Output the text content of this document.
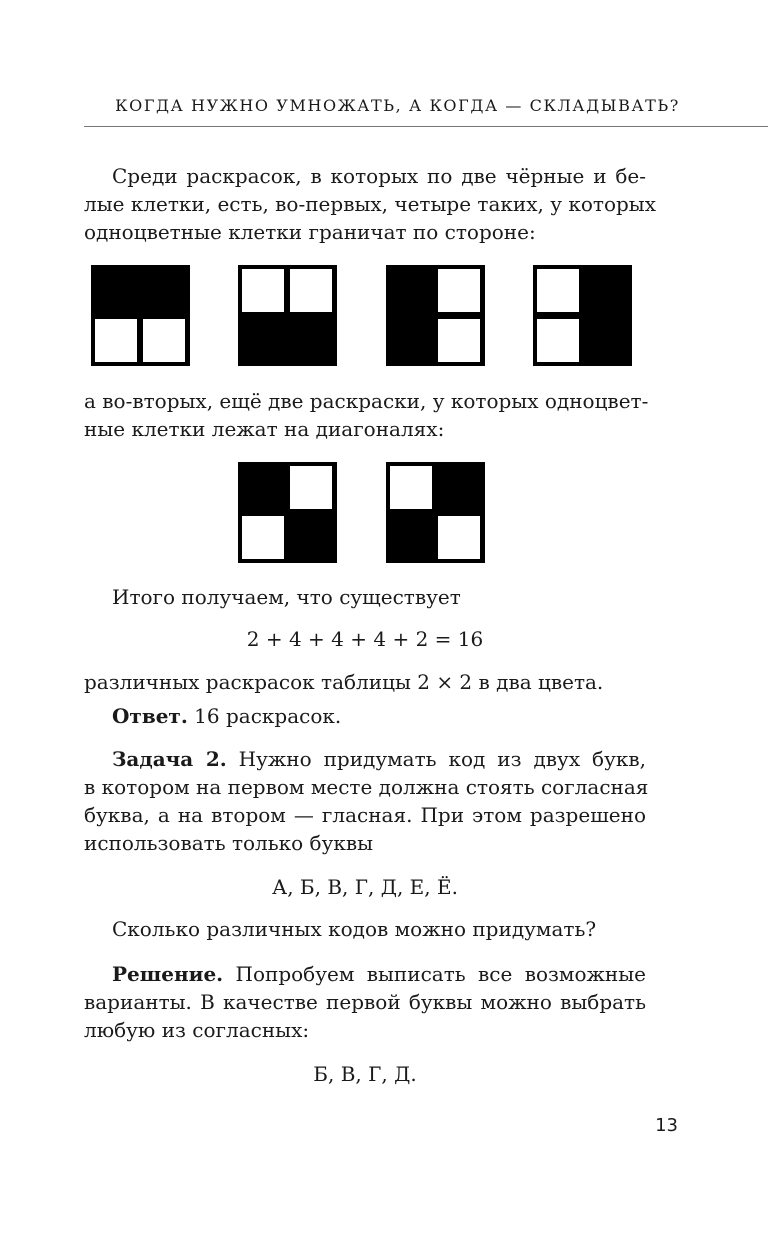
КОГДА НУЖНО УМНОЖАТЬ, А КОГДА — СКЛАДЫВАТЬ?
Среди раскрасок, в которых по две чёрные и бе-
лые клетки, есть, во-первых, четыре таких, у которых
одноцветные клетки граничат по стороне:
а во-вторых, ещё две раскраски, у которых одноцвет-
ные клетки лежат на диагоналях:
Итого получаем, что существует
2 + 4 + 4 + 4 + 2 = 16
различных раскрасок таблицы 2 × 2 в два цвета.
Ответ. 16 раскрасок.
Задача 2. Нужно придумать код из двух букв,
в котором на первом месте должна стоять согласная
буква, а на втором — гласная. При этом разрешено
использовать только буквы
А, Б, В, Г, Д, Е, Ё.
Сколько различных кодов можно придумать?
Решение. Попробуем выписать все возможные
варианты. В качестве первой буквы можно выбрать
любую из согласных:
Б, В, Г, Д.
13
